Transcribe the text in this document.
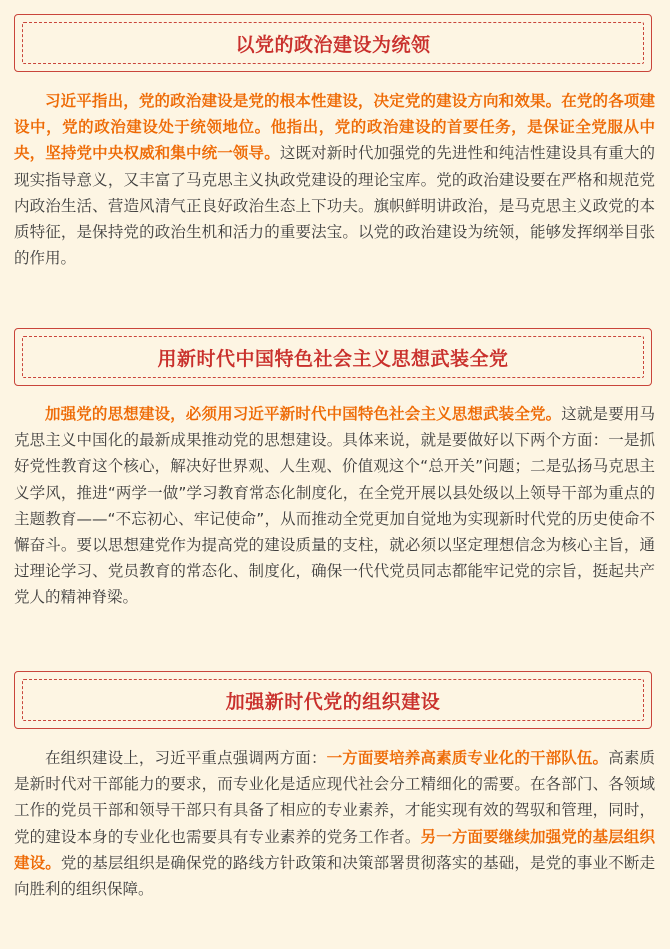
以党的政治建设为统领

习近平指出，党的政治建设是党的根本性建设，决定党的建设方向和效果。在党的各项建设中，党的政治建设处于统领地位。他指出，党的政治建设的首要任务，是保证全党服从中央，坚持党中央权威和集中统一领导。这既对新时代加强党的先进性和纯洁性建设具有重大的现实指导意义，又丰富了马克思主义执政党建设的理论宝库。党的政治建设要在严格和规范党内政治生活、营造风清气正良好政治生态上下功夫。旗帜鲜明讲政治，是马克思主义政党的本质特征，是保持党的政治生机和活力的重要法宝。以党的政治建设为统领，能够发挥纲举目张的作用。

用新时代中国特色社会主义思想武装全党

加强党的思想建设，必须用习近平新时代中国特色社会主义思想武装全党。这就是要用马克思主义中国化的最新成果推动党的思想建设。具体来说，就是要做好以下两个方面：一是抓好党性教育这个核心，解决好世界观、人生观、价值观这个“总开关”问题；二是弘扬马克思主义学风，推进“两学一做”学习教育常态化制度化，在全党开展以县处级以上领导干部为重点的主题教育——“不忘初心、牢记使命”，从而推动全党更加自觉地为实现新时代党的历史使命不懈奋斗。要以思想建党作为提高党的建设质量的支柱，就必须以坚定理想信念为核心主旨，通过理论学习、党员教育的常态化、制度化，确保一代代党员同志都能牢记党的宗旨，挺起共产党人的精神脊梁。

加强新时代党的组织建设

在组织建设上，习近平重点强调两方面：一方面要培养高素质专业化的干部队伍。高素质是新时代对干部能力的要求，而专业化是适应现代社会分工精细化的需要。在各部门、各领域工作的党员干部和领导干部只有具备了相应的专业素养，才能实现有效的驾驭和管理，同时，党的建设本身的专业化也需要具有专业素养的党务工作者。另一方面要继续加强党的基层组织建设。党的基层组织是确保党的路线方针政策和决策部署贯彻落实的基础，是党的事业不断走向胜利的组织保障。
